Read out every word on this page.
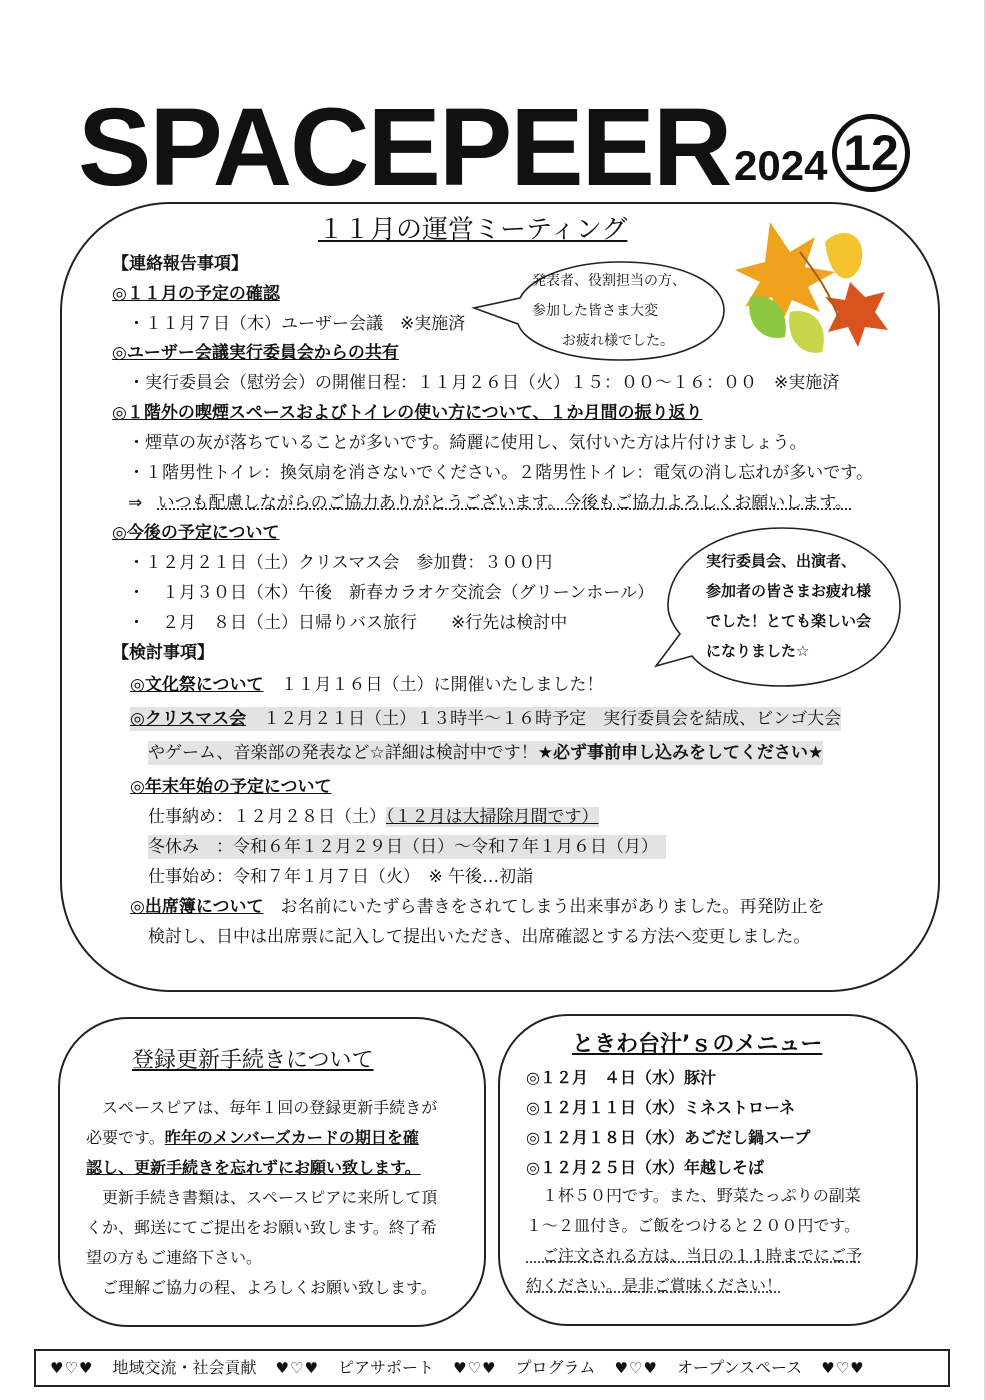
SPACEPEER 2024 12
１１月の運営ミーティング
発表者、役割担当の方、
参加した皆さま大変
お疲れ様でした。
実行委員会、出演者、
参加者の皆さまお疲れ様
でした！とても楽しい会
になりました☆
【連絡報告事項】
◎１１月の予定の確認
・１１月７日（木）ユーザー会議　※実施済
◎ユーザー会議実行委員会からの共有
・実行委員会（慰労会）の開催日程：１１月２６日（火）１５：００〜１６：００　※実施済
◎１階外の喫煙スペースおよびトイレの使い方について、１か月間の振り返り
・煙草の灰が落ちていることが多いです。綺麗に使用し、気付いた方は片付けましょう。
・１階男性トイレ：換気扇を消さないでください。２階男性トイレ：電気の消し忘れが多いです。
⇒ いつも配慮しながらのご協力ありがとうございます。今後もご協力よろしくお願いします。
◎今後の予定について
・１２月２１日（土）クリスマス会　参加費：３００円
・　１月３０日（木）午後　新春カラオケ交流会（グリーンホール）
・　２月　８日（土）日帰りバス旅行　　※行先は検討中
【検討事項】
◎文化祭について　１１月１６日（土）に開催いたしました！
◎クリスマス会　１２月２１日（土）１３時半〜１６時予定　実行委員会を結成、ビンゴ大会
やゲーム、音楽部の発表など☆詳細は検討中です！★必ず事前申し込みをしてください★
◎年末年始の予定について
仕事納め：１２月２８日（土）（１２月は大掃除月間です）
冬休み　：令和６年１２月２９日（日）〜令和７年１月６日（月）
仕事始め：令和７年１月７日（火）　※ 午後…初詣
◎出席簿について　お名前にいたずら書きをされてしまう出来事がありました。再発防止を
検討し、日中は出席票に記入して提出いただき、出席確認とする方法へ変更しました。
登録更新手続きについて
　スペースピアは、毎年１回の登録更新手続きが
必要です。昨年のメンバーズカードの期日を確
認し、更新手続きを忘れずにお願い致します。
　更新手続き書類は、スペースピアに来所して頂
くか、郵送にてご提出をお願い致します。終了希
望の方もご連絡下さい。
　ご理解ご協力の程、よろしくお願い致します。
ときわ台汁’ｓのメニュー
◎１２月　４日（水）豚汁
◎１２月１１日（水）ミネストローネ
◎１２月１８日（水）あごだし鍋スープ
◎１２月２５日（水）年越しそば
　１杯５０円です。また、野菜たっぷりの副菜
１〜２皿付き。ご飯をつけると２００円です。
　ご注文される方は、当日の１１時までにご予
約ください。是非ご賞味ください！
♥♡♥ 地域交流・社会貢献 ♥♡♥ ピアサポート ♥♡♥ プログラム ♥♡♥ オープンスペース ♥♡♥
